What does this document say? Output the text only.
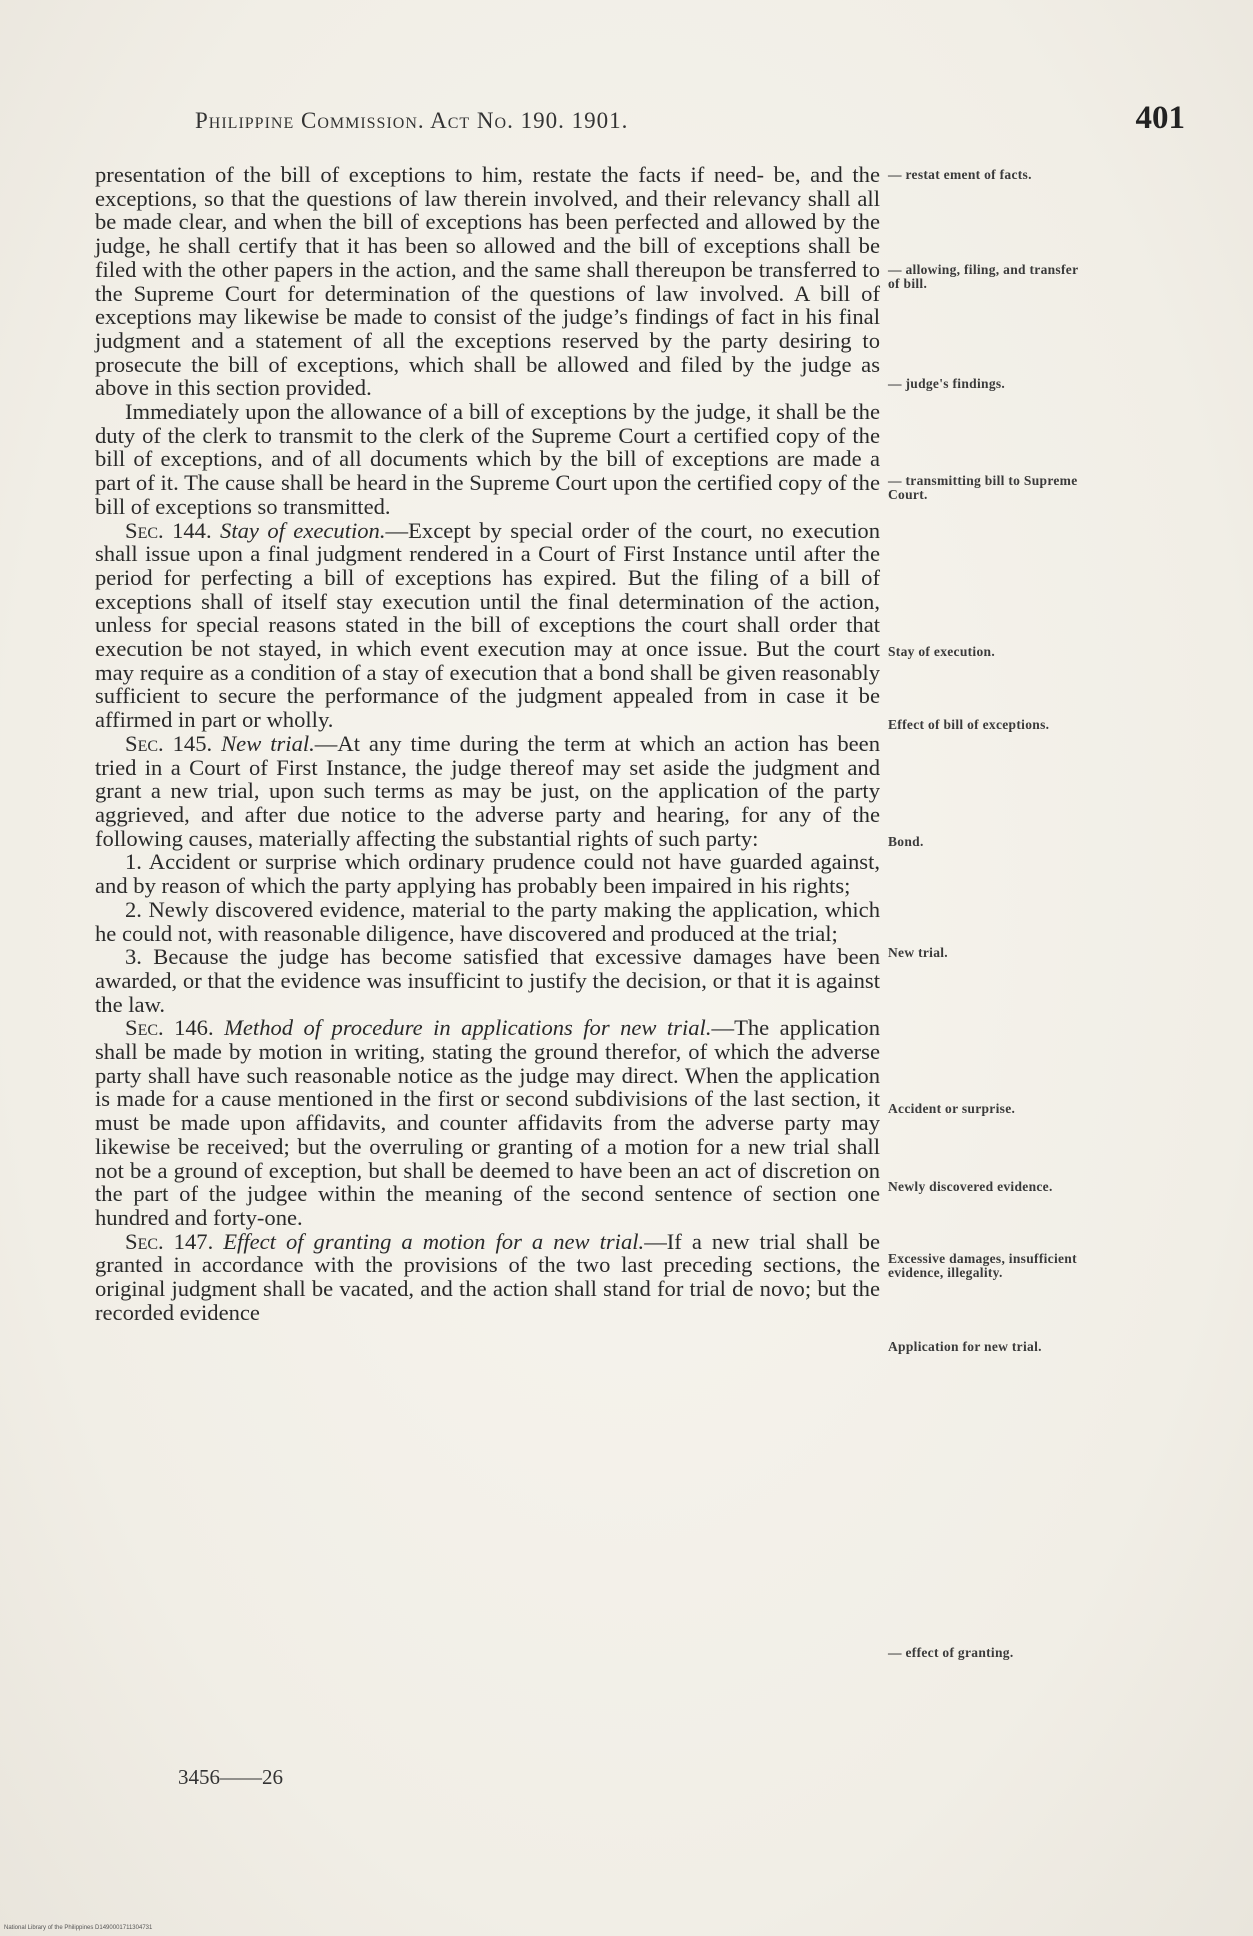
Philippine Commission. Act No. 190. 1901.	401

presentation of the bill of exceptions to him, restate the facts if need- be, and the exceptions, so that the questions of law therein involved, and their relevancy shall all be made clear, and when the bill of exceptions has been perfected and allowed by the judge, he shall certify that it has been so allowed and the bill of exceptions shall be filed with the other papers in the action, and the same shall thereupon be transferred to the Supreme Court for determination of the questions of law involved. A bill of exceptions may likewise be made to consist of the judge’s findings of fact in his final judgment and a statement of all the exceptions reserved by the party desiring to prosecute the bill of exceptions, which shall be allowed and filed by the judge as above in this section provided.

Immediately upon the allowance of a bill of exceptions by the judge, it shall be the duty of the clerk to transmit to the clerk of the Supreme Court a certified copy of the bill of exceptions, and of all documents which by the bill of exceptions are made a part of it. The cause shall be heard in the Supreme Court upon the certified copy of the bill of exceptions so transmitted.

Sec. 144. Stay of execution.—Except by special order of the court, no execution shall issue upon a final judgment rendered in a Court of First Instance until after the period for perfecting a bill of exceptions has expired. But the filing of a bill of exceptions shall of itself stay execution until the final determination of the action, unless for special reasons stated in the bill of exceptions the court shall order that execution be not stayed, in which event execution may at once issue. But the court may require as a condition of a stay of execution that a bond shall be given reasonably sufficient to secure the performance of the judgment appealed from in case it be affirmed in part or wholly.

Sec. 145. New trial.—At any time during the term at which an action has been tried in a Court of First Instance, the judge thereof may set aside the judgment and grant a new trial, upon such terms as may be just, on the application of the party aggrieved, and after due notice to the adverse party and hearing, for any of the following causes, materially affecting the substantial rights of such party:

1. Accident or surprise which ordinary prudence could not have guarded against, and by reason of which the party applying has probably been impaired in his rights;

2. Newly discovered evidence, material to the party making the application, which he could not, with reasonable diligence, have discovered and produced at the trial;

3. Because the judge has become satisfied that excessive damages have been awarded, or that the evidence was insufficint to justify the decision, or that it is against the law.

Sec. 146. Method of procedure in applications for new trial.—The application shall be made by motion in writing, stating the ground therefor, of which the adverse party shall have such reasonable notice as the judge may direct. When the application is made for a cause mentioned in the first or second subdivisions of the last section, it must be made upon affidavits, and counter affidavits from the adverse party may likewise be received; but the overruling or granting of a motion for a new trial shall not be a ground of exception, but shall be deemed to have been an act of discretion on the part of the judgee within the meaning of the second sentence of section one hundred and forty-one.

Sec. 147. Effect of granting a motion for a new trial.—If a new trial shall be granted in accordance with the provisions of the two last preceding sections, the original judgment shall be vacated, and the action shall stand for trial de novo; but the recorded evidence

— restat ement of facts.
— allowing, filing, and transfer of bill.
— judge's findings.
— transmitting bill to Supreme Court.
Stay of execution.
Effect of bill of exceptions.
Bond.
New trial.
Accident or surprise.
Newly discovered evidence.
Excessive damages, insufficient evidence, illegality.
Application for new trial.
— effect of granting.
3456——26
National Library of the Philippines D1490001711304731
